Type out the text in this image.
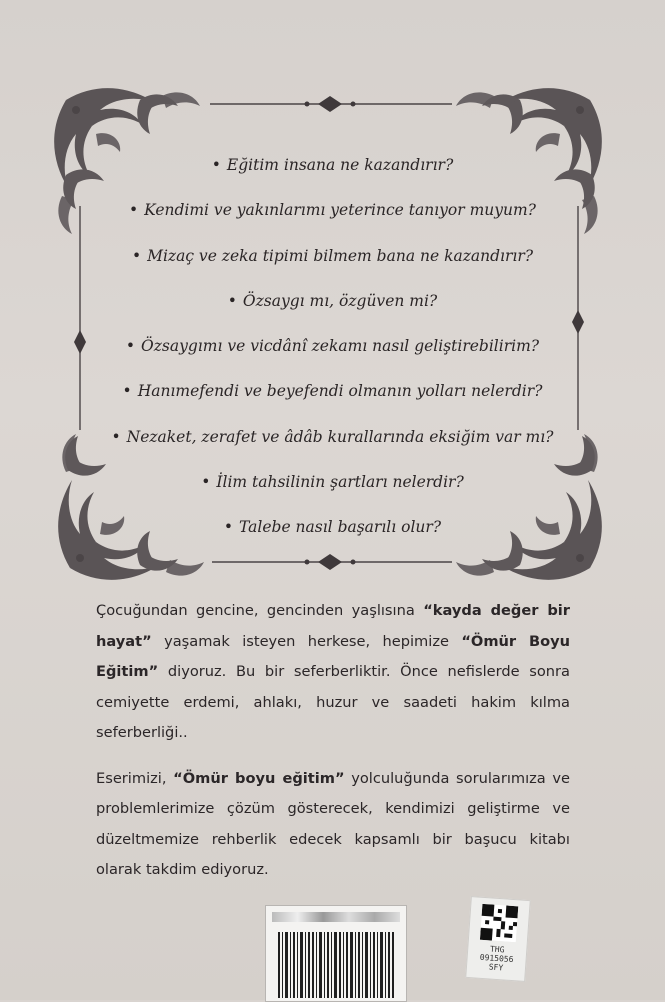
• Eğitim insana ne kazandırır?
• Kendimi ve yakınlarımı yeterince tanıyor muyum?
• Mizaç ve zeka tipimi bilmem bana ne kazandırır?
• Özsaygı mı, özgüven mi?
• Özsaygımı ve vicdânî zekamı nasıl geliştirebilirim?
• Hanımefendi ve beyefendi olmanın yolları nelerdir?
• Nezaket, zerafet ve âdâb kurallarında eksiğim var mı?
• İlim tahsilinin şartları nelerdir?
• Talebe nasıl başarılı olur?

Çocuğundan gencine, gencinden yaşlısına “kayda değer bir hayat” yaşamak isteyen herkese, hepimize “Ömür Boyu Eğitim” diyoruz. Bu bir seferberliktir. Önce nefislerde sonra cemiyette erdemi, ahlakı, huzur ve saadeti hakim kılma seferberliği..

Eserimizi, “Ömür boyu eğitim” yolculuğunda sorularımıza ve problemlerimize çözüm gösterecek, kendimizi geliştirme ve düzeltmemize rehberlik edecek kapsamlı bir başucu kitabı olarak takdim ediyoruz.

THG
0915056
SFY
